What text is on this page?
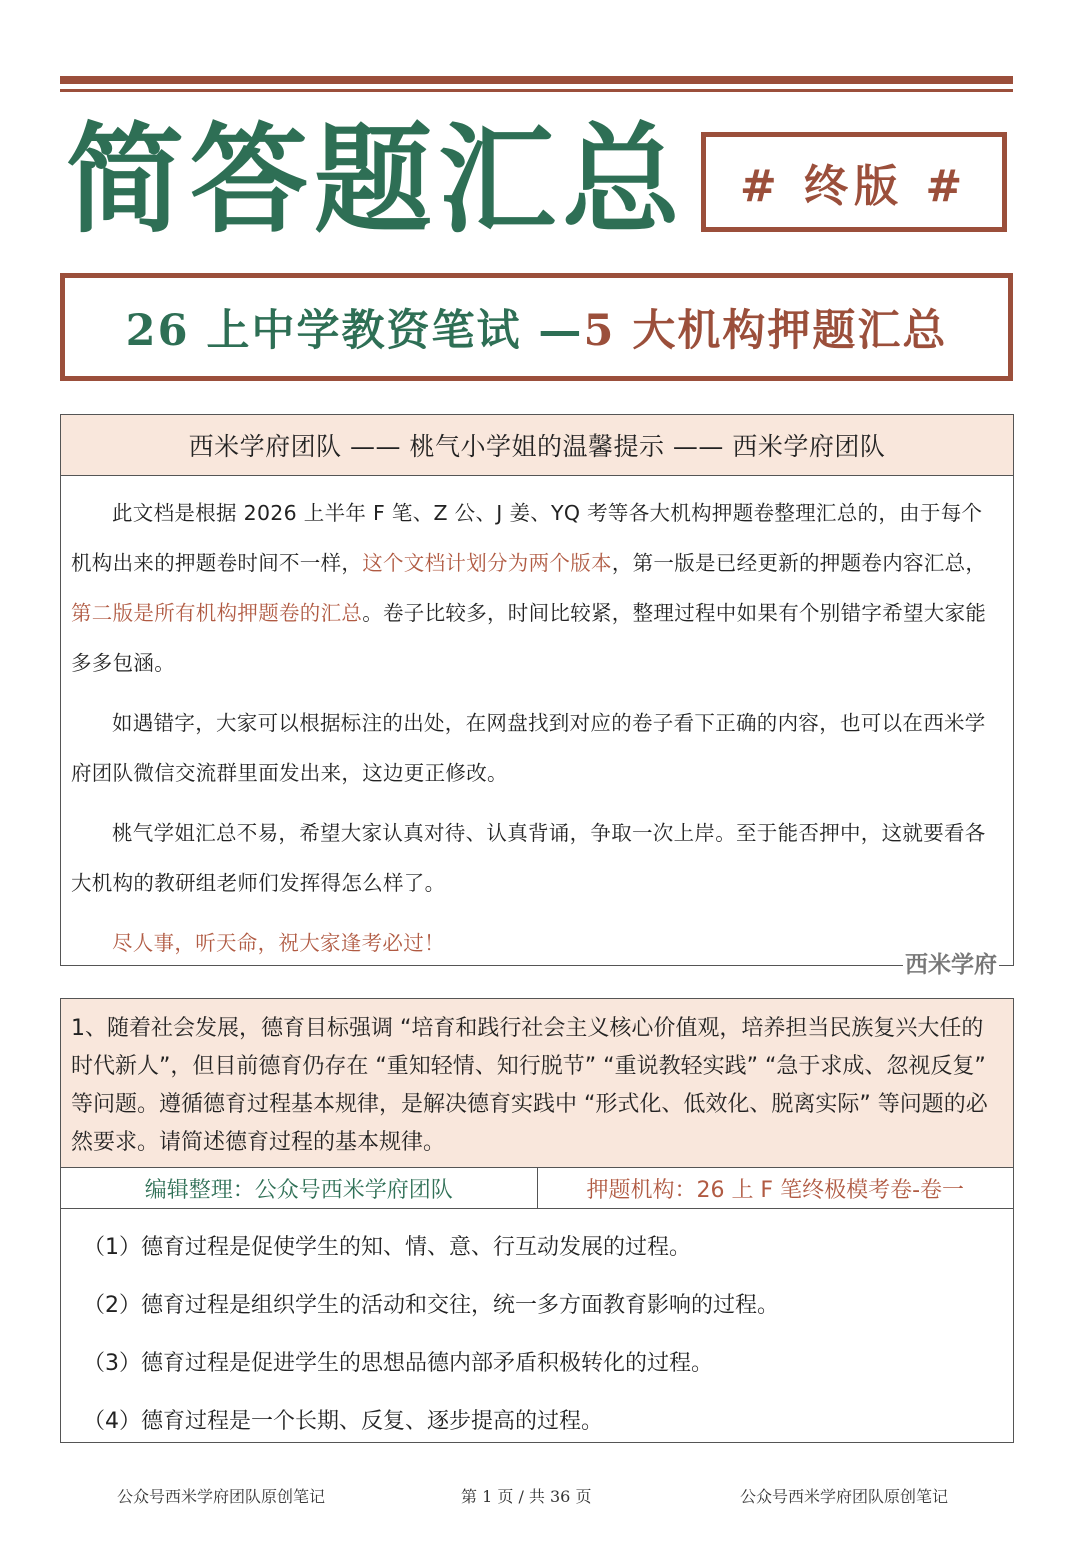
简答题汇总	# 终版 #
26 上中学教资笔试 — 5 大机构押题汇总
西米学府团队 —— 桃气小学姐的温馨提示 —— 西米学府团队

此文档是根据 2026 上半年 F 笔、Z 公、J 姜、YQ 考等各大机构押题卷整理汇总的，由于每个机构出来的押题卷时间不一样，这个文档计划分为两个版本，第一版是已经更新的押题卷内容汇总，第二版是所有机构押题卷的汇总。卷子比较多，时间比较紧，整理过程中如果有个别错字希望大家能多多包涵。

如遇错字，大家可以根据标注的出处，在网盘找到对应的卷子看下正确的内容，也可以在西米学府团队微信交流群里面发出来，这边更正修改。

桃气学姐汇总不易，希望大家认真对待、认真背诵，争取一次上岸。至于能否押中，这就要看各大机构的教研组老师们发挥得怎么样了。

尽人事，听天命，祝大家逢考必过！

西米学府
1、随着社会发展，德育目标强调 “培育和践行社会主义核心价值观，培养担当民族复兴大任的时代新人”，但目前德育仍存在 “重知轻情、知行脱节” “重说教轻实践” “急于求成、忽视反复” 等问题。遵循德育过程基本规律，是解决德育实践中 “形式化、低效化、脱离实际” 等问题的必然要求。请简述德育过程的基本规律。
编辑整理：公众号西米学府团队	押题机构：26 上 F 笔终极模考卷-卷一
（1）德育过程是促使学生的知、情、意、行互动发展的过程。
（2）德育过程是组织学生的活动和交往，统一多方面教育影响的过程。
（3）德育过程是促进学生的思想品德内部矛盾积极转化的过程。
（4）德育过程是一个长期、反复、逐步提高的过程。
公众号西米学府团队原创笔记	第 1 页 / 共 36 页	公众号西米学府团队原创笔记
